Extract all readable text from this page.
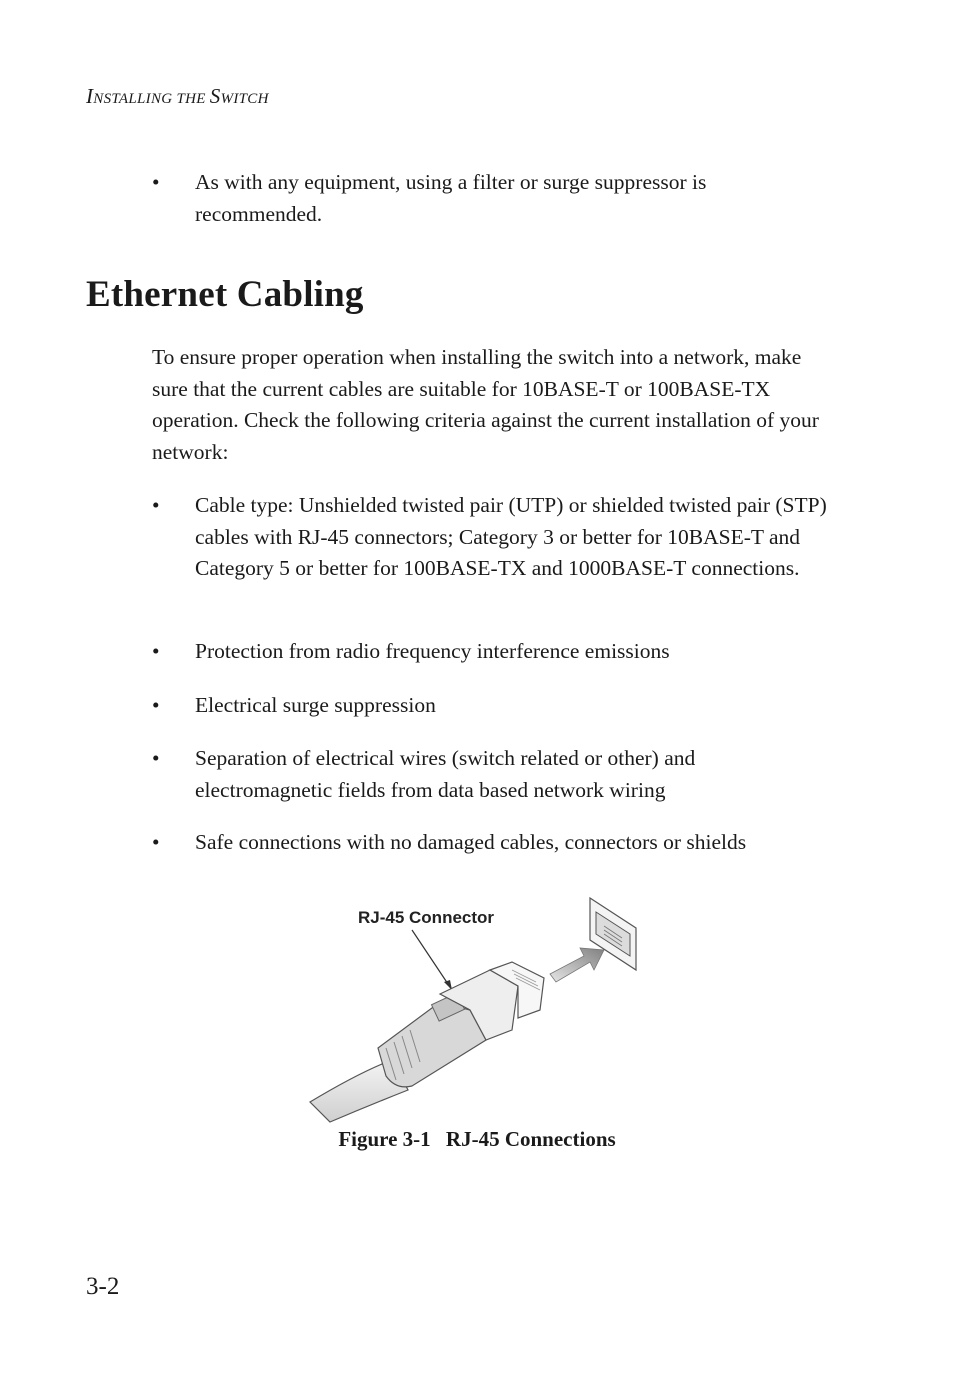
INSTALLING THE SWITCH
• As with any equipment, using a filter or surge suppressor is recommended.
Ethernet Cabling

To ensure proper operation when installing the switch into a network, make sure that the current cables are suitable for 10BASE-T or 100BASE-TX operation. Check the following criteria against the current installation of your network:

• Cable type: Unshielded twisted pair (UTP) or shielded twisted pair (STP) cables with RJ-45 connectors; Category 3 or better for 10BASE-T and Category 5 or better for 100BASE-TX and 1000BASE-T connections.
• Protection from radio frequency interference emissions
• Electrical surge suppression
• Separation of electrical wires (switch related or other) and electromagnetic fields from data based network wiring
• Safe connections with no damaged cables, connectors or shields
RJ-45 Connector
Figure 3-1 RJ-45 Connections
3-2
